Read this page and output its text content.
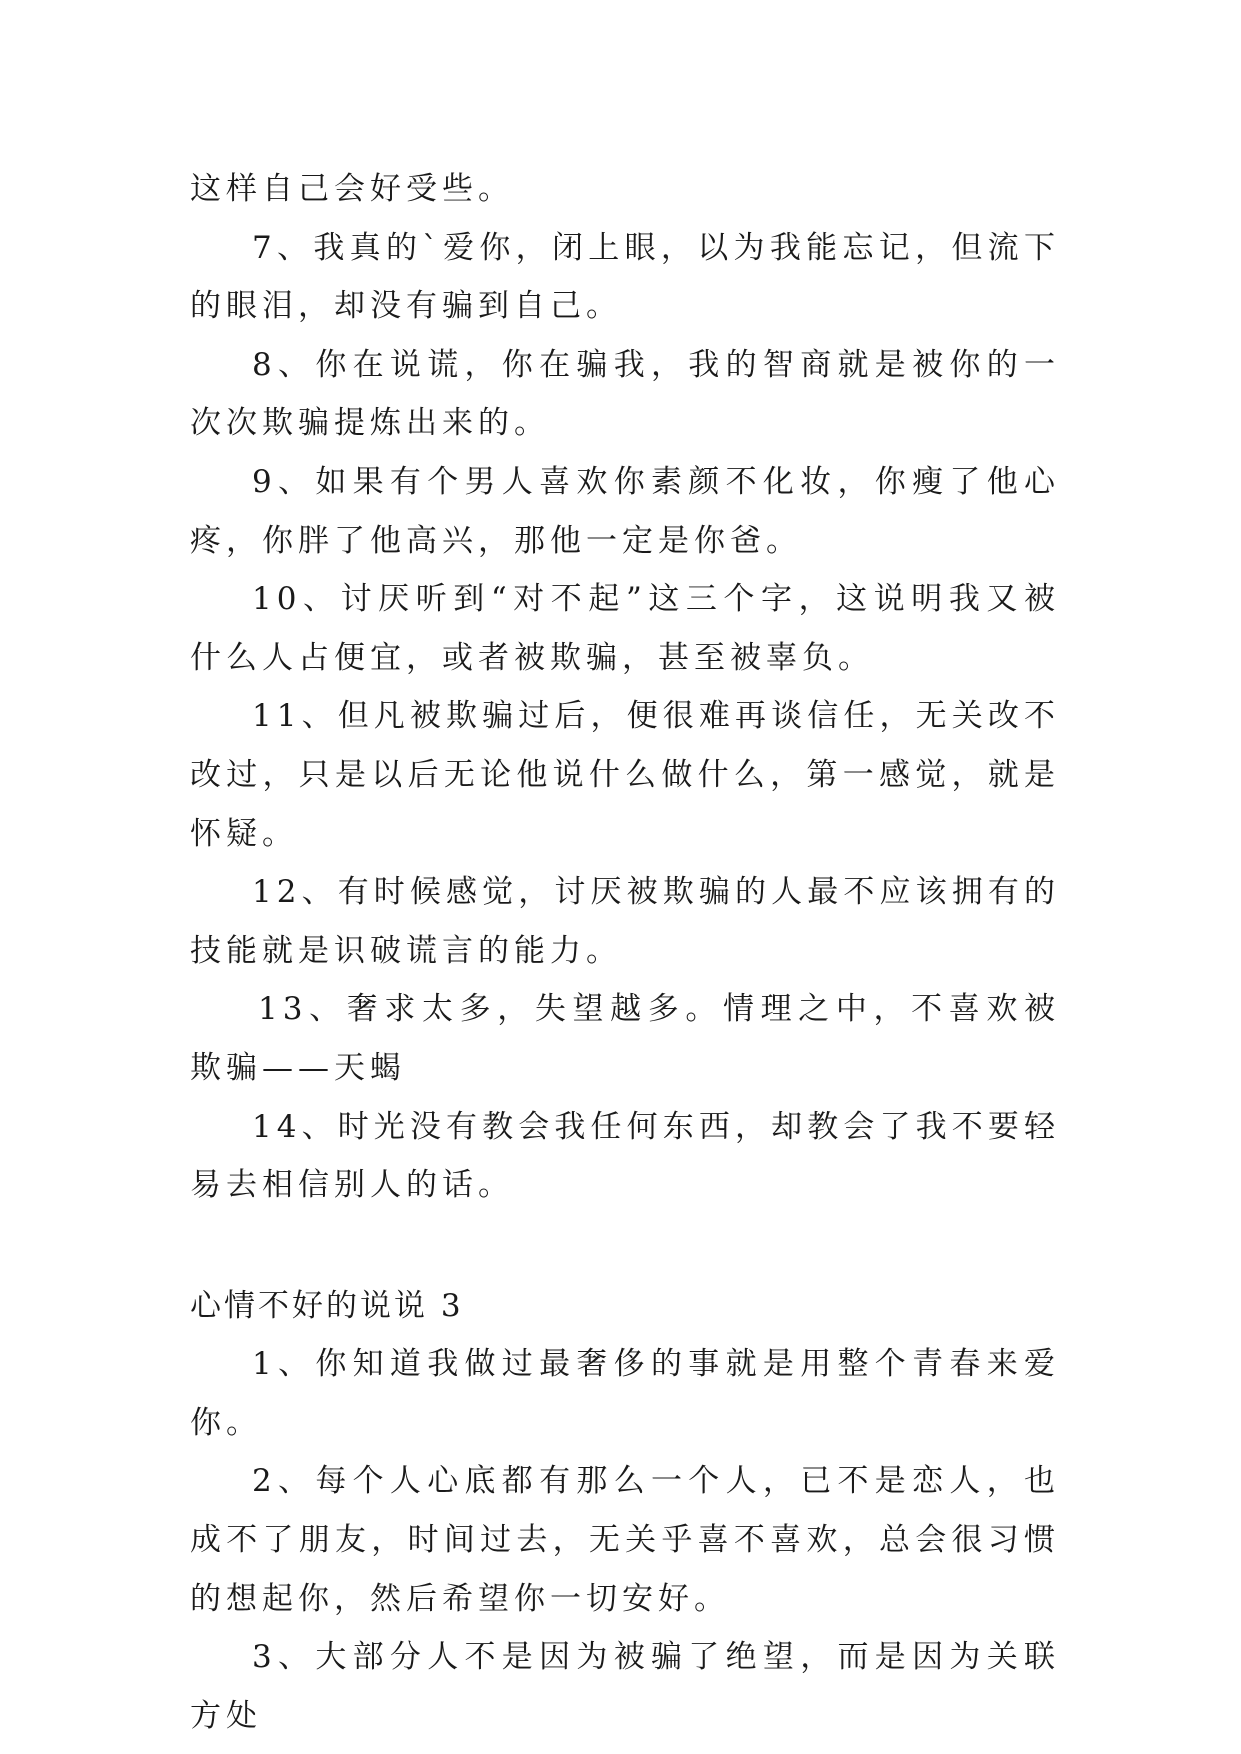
这样自己会好受些。

7、我真的`爱你，闭上眼，以为我能忘记，但流下的眼泪，却没有骗到自己。

8、你在说谎，你在骗我，我的智商就是被你的一次次欺骗提炼出来的。

9、如果有个男人喜欢你素颜不化妆，你瘦了他心疼，你胖了他高兴，那他一定是你爸。

10、讨厌听到“对不起”这三个字，这说明我又被什么人占便宜，或者被欺骗，甚至被辜负。

11、但凡被欺骗过后，便很难再谈信任，无关改不改过，只是以后无论他说什么做什么，第一感觉，就是怀疑。

12、有时候感觉，讨厌被欺骗的人最不应该拥有的技能就是识破谎言的能力。

13、奢求太多，失望越多。情理之中，不喜欢被欺骗——天蝎

14、时光没有教会我任何东西，却教会了我不要轻易去相信别人的话。

心情不好的说说 3

1、你知道我做过最奢侈的事就是用整个青春来爱你。

2、每个人心底都有那么一个人，已不是恋人，也成不了朋友，时间过去，无关乎喜不喜欢，总会很习惯的想起你，然后希望你一切安好。

3、大部分人不是因为被骗了绝望，而是因为关联方处
